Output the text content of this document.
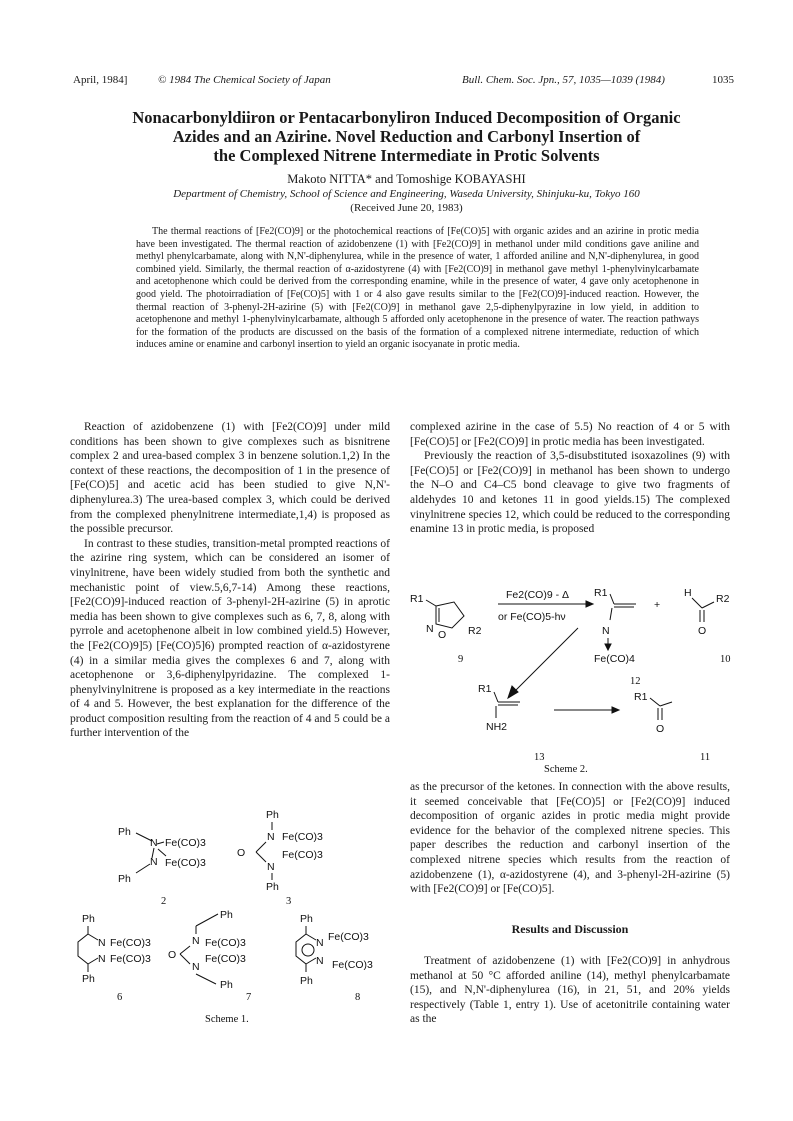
April, 1984]	© 1984 The Chemical Society of Japan	Bull. Chem. Soc. Jpn., 57, 1035—1039 (1984)	1035
Nonacarbonyldiiron or Pentacarbonyliron Induced Decomposition of Organic
Azides and an Azirine. Novel Reduction and Carbonyl Insertion of
the Complexed Nitrene Intermediate in Protic Solvents
Makoto NITTA* and Tomoshige KOBAYASHI
Department of Chemistry, School of Science and Engineering, Waseda University, Shinjuku-ku, Tokyo 160
(Received June 20, 1983)

The thermal reactions of [Fe2(CO)9] or the photochemical reactions of [Fe(CO)5] with organic azides and an azirine in protic media have been investigated. The thermal reaction of azidobenzene (1) with [Fe2(CO)9] in methanol under mild conditions gave aniline and methyl phenylcarbamate, along with N,N'-diphenylurea, while in the presence of water, 1 afforded aniline and N,N'-diphenylurea, in good combined yield. Similarly, the thermal reaction of α-azidostyrene (4) with [Fe2(CO)9] in methanol gave methyl 1-phenylvinylcarbamate and acetophenone which could be derived from the corresponding enamine, while in the presence of water, 4 gave only acetophenone in good yield. The photoirradiation of [Fe(CO)5] with 1 or 4 also gave results similar to the [Fe2(CO)9]-induced reaction. However, the thermal reaction of 3-phenyl-2H-azirine (5) with [Fe2(CO)9] in methanol gave 2,5-diphenylpyrazine in low yield, in addition to acetophenone and methyl 1-phenylvinylcarbamate, although 5 afforded only acetophenone in the presence of water. The reaction pathways for the formation of the products are discussed on the basis of the formation of a complexed nitrene intermediate, reduction of which induces amine or enamine and carbonyl insertion to yield an organic isocyanate in protic media.

Reaction of azidobenzene (1) with [Fe2(CO)9] under mild conditions has been shown to give complexes such as bisnitrene complex 2 and urea-based complex 3 in benzene solution.1,2) In the context of these reactions, the decomposition of 1 in the presence of [Fe(CO)5] and acetic acid has been studied to give N,N'-diphenylurea.3) The urea-based complex 3, which could be derived from the complexed phenylnitrene intermediate,1,4) is proposed as the possible precursor.

In contrast to these studies, transition-metal prompted reactions of the azirine ring system, which can be considered an isomer of vinylnitrene, have been widely studied from both the synthetic and mechanistic point of view.5,6,7-14) Among these reactions, [Fe2(CO)9]-induced reaction of 3-phenyl-2H-azirine (5) in aprotic media has been shown to give complexes such as 6, 7, 8, along with pyrrole and acetophenone albeit in low combined yield.5) However, the [Fe2(CO)9]5) [Fe(CO)5]6) prompted reaction of α-azidostyrene (4) in a similar media gives the complexes 6 and 7, along with acetophenone or 3,6-diphenylpyridazine. The complexed 1-phenylvinylnitrene is proposed as a key intermediate in the reactions of 4 and 5. However, the best explanation for the difference of the product composition resulting from the reaction of 4 and 5 could be a further intervention of the

Ph
N Fe(CO)3
N Fe(CO)3
Ph
2
Ph
N Fe(CO)3
O
N
Fe(CO)3
Ph
3
Ph
N Fe(CO)3
N Fe(CO)3
Ph
6
Ph
N Fe(CO)3
O
N
Fe(CO)3
Ph
7
Ph
N Fe(CO)3
N Fe(CO)3
Ph
8
Scheme 1.

complexed azirine in the case of 5.5) No reaction of 4 or 5 with [Fe(CO)5] or [Fe2(CO)9] in protic media has been investigated.

Previously the reaction of 3,5-disubstituted isoxazolines (9) with [Fe(CO)5] or [Fe2(CO)9] in methanol has been shown to undergo the N–O and C4–C5 bond cleavage to give two fragments of aldehydes 10 and ketones 11 in good yields.15) The complexed vinylnitrene species 12, which could be reduced to the corresponding enamine 13 in protic media, is proposed

R1
N O R2
9
Fe2(CO)9 - Δ
or Fe(CO)5-hν
R1
N
Fe(CO)4
12
+
H R2
O
10
R1
NH2
13
R1
O
11
Scheme 2.

as the precursor of the ketones. In connection with the above results, it seemed conceivable that [Fe(CO)5] or [Fe2(CO)9] induced decomposition of organic azides in protic media might provide evidence for the behavior of the complexed nitrene species. This paper describes the reduction and carbonyl insertion of the complexed nitrene species which results from the reaction of azidobenzene (1), α-azidostyrene (4), and 3-phenyl-2H-azirine (5) with [Fe2(CO)9] or [Fe(CO)5].

Results and Discussion

Treatment of azidobenzene (1) with [Fe2(CO)9] in anhydrous methanol at 50 °C afforded aniline (14), methyl phenylcarbamate (15), and N,N'-diphenylurea (16), in 21, 51, and 20% yields respectively (Table 1, entry 1). Use of acetonitrile containing water as the
